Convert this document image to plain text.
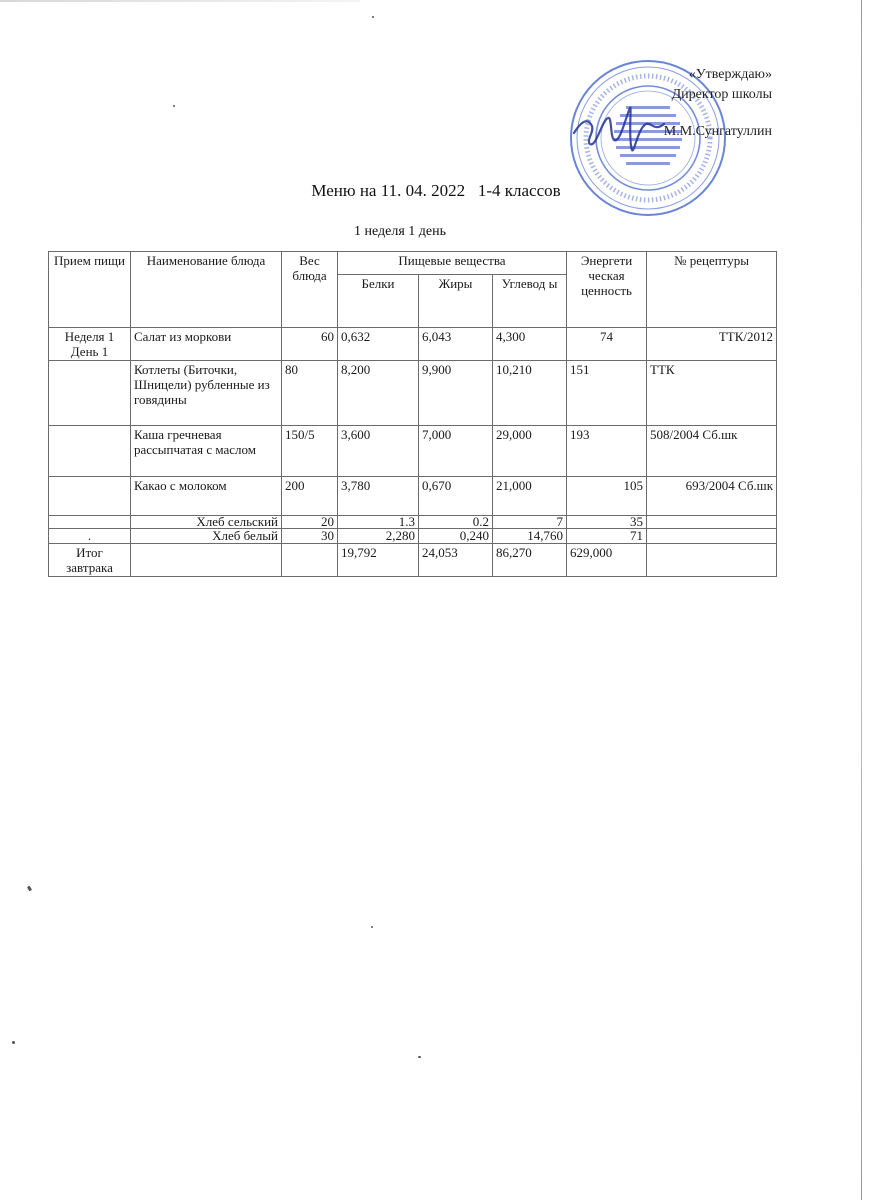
«Утверждаю»
Директор школы
М.М.Сунгатуллин
Меню на 11. 04. 2022 1-4 классов
1 неделя 1 день
Прием пищи	Наименование блюда	Вес блюда	Пищевые вещества			Энергети ческая ценность	№ рецептуры
			Белки	Жиры	Углевод ы		
Неделя 1 День 1	Салат из моркови	60	0,632	6,043	4,300	74	ТТК/2012
	Котлеты (Биточки, Шницели) рубленные из говядины	80	8,200	9,900	10,210	151	ТТК
	Каша гречневая рассыпчатая с маслом	150/5	3,600	7,000	29,000	193	508/2004 Сб.шк
	Какао с молоком	200	3,780	0,670	21,000	105	693/2004 Сб.шк
	Хлеб сельский	20	1.3	0.2	7	35	
.	Хлеб белый	30	2,280	0,240	14,760	71	
Итог завтрака			19,792	24,053	86,270	629,000	
